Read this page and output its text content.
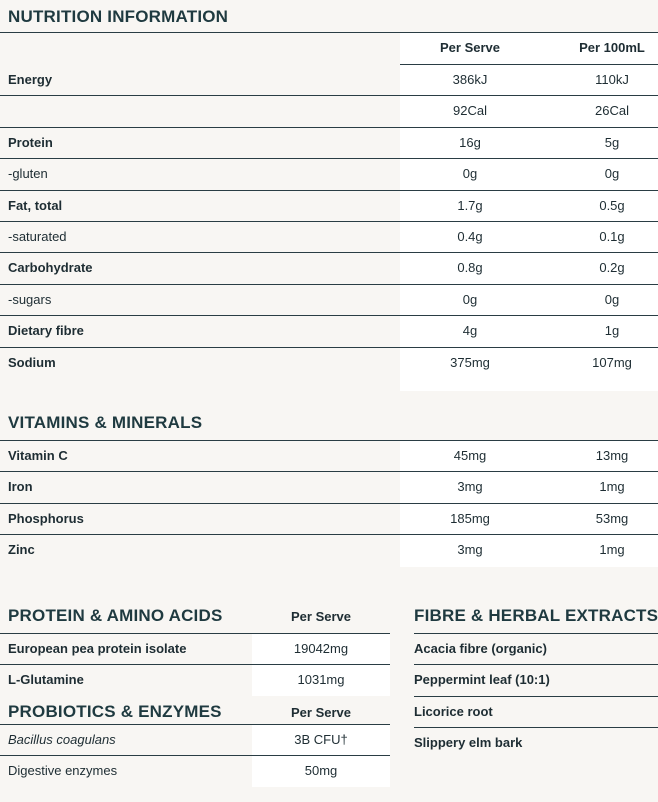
NUTRITION INFORMATION
Per Serve	Per 100mL
Energy	386kJ	110kJ
92Cal	26Cal
Protein	16g	5g
-gluten	0g	0g
Fat, total	1.7g	0.5g
-saturated	0.4g	0.1g
Carbohydrate	0.8g	0.2g
-sugars	0g	0g
Dietary fibre	4g	1g
Sodium	375mg	107mg
VITAMINS & MINERALS
Vitamin C	45mg	13mg
Iron	3mg	1mg
Phosphorus	185mg	53mg
Zinc	3mg	1mg
PROTEIN & AMINO ACIDS	Per Serve
European pea protein isolate	19042mg
L-Glutamine	1031mg
PROBIOTICS & ENZYMES	Per Serve
Bacillus coagulans	3B CFU†
Digestive enzymes	50mg
FIBRE & HERBAL EXTRACTS
Acacia fibre (organic)
Peppermint leaf (10:1)
Licorice root
Slippery elm bark
